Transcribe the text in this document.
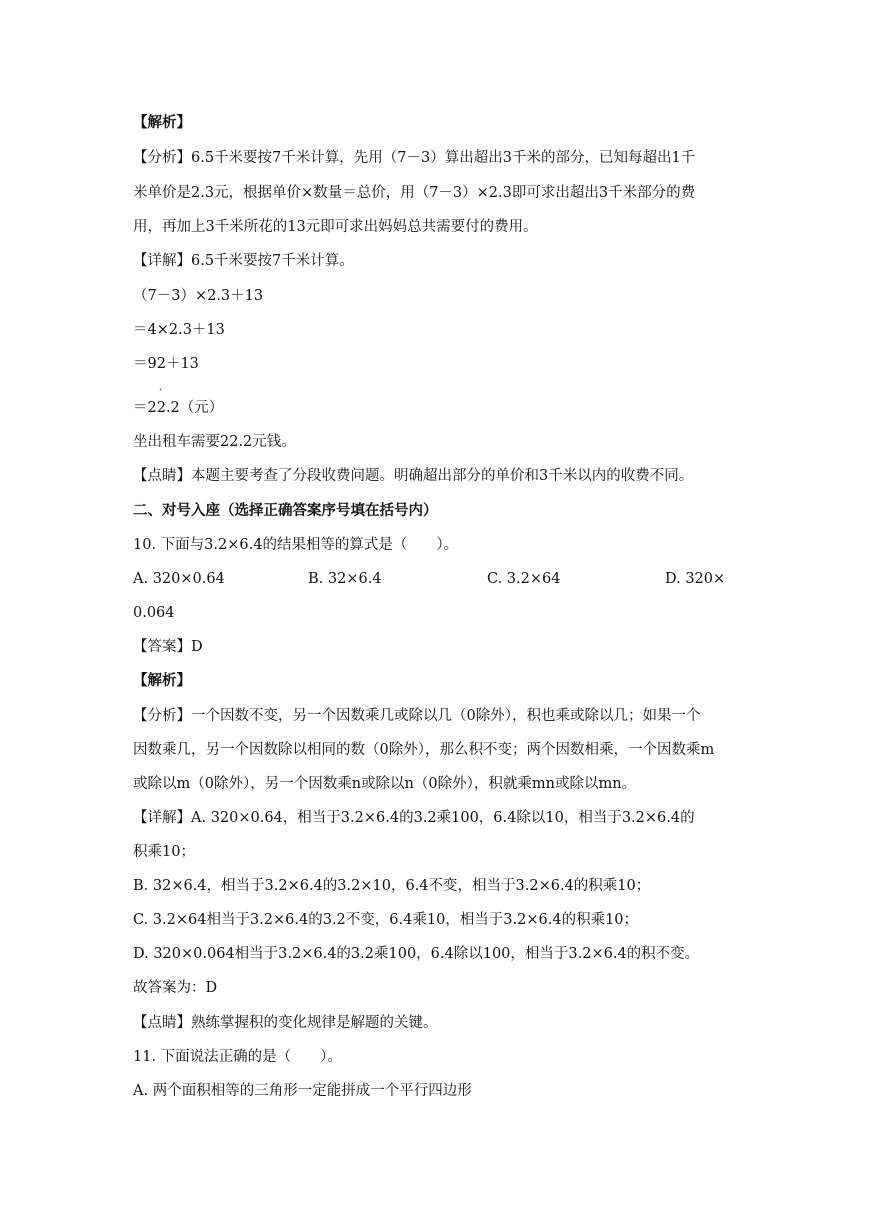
【解析】
【分析】6.5千米要按7千米计算，先用（7－3）算出超出3千米的部分，已知每超出1千
米单价是2.3元，根据单价×数量＝总价，用（7－3）×2.3即可求出超出3千米部分的费
用，再加上3千米所花的13元即可求出妈妈总共需要付的费用。
【详解】6.5千米要按7千米计算。
（7－3）×2.3＋13
＝4×2.3＋13
＝9
·
2＋13
＝22.2（元）
坐出租车需要22.2元钱。
【点睛】本题主要考查了分段收费问题。明确超出部分的单价和3千米以内的收费不同。
二、对号入座（选择正确答案序号填在括号内）
10. 下面与3.2×6.4的结果相等的算式是（　　）。
A. 320×0.64	B. 32×6.4	C. 3.2×64	D. 320×
0.064
【答案】D
【解析】
【分析】一个因数不变，另一个因数乘几或除以几（0除外），积也乘或除以几；如果一个
因数乘几，另一个因数除以相同的数（0除外），那么积不变；两个因数相乘，一个因数乘m
或除以m（0除外），另一个因数乘n或除以n（0除外），积就乘mn或除以mn。
【详解】A. 320×0.64，相当于3.2×6.4的3.2乘100，6.4除以10，相当于3.2×6.4的
积乘10；
B. 32×6.4，相当于3.2×6.4的3.2×10，6.4不变，相当于3.2×6.4的积乘10；
C. 3.2×64相当于3.2×6.4的3.2不变，6.4乘10，相当于3.2×6.4的积乘10；
D. 320×0.064相当于3.2×6.4的3.2乘100，6.4除以100，相当于3.2×6.4的积不变。
故答案为：D
【点睛】熟练掌握积的变化规律是解题的关键。
11. 下面说法正确的是（　　）。
A. 两个面积相等的三角形一定能拼成一个平行四边形
